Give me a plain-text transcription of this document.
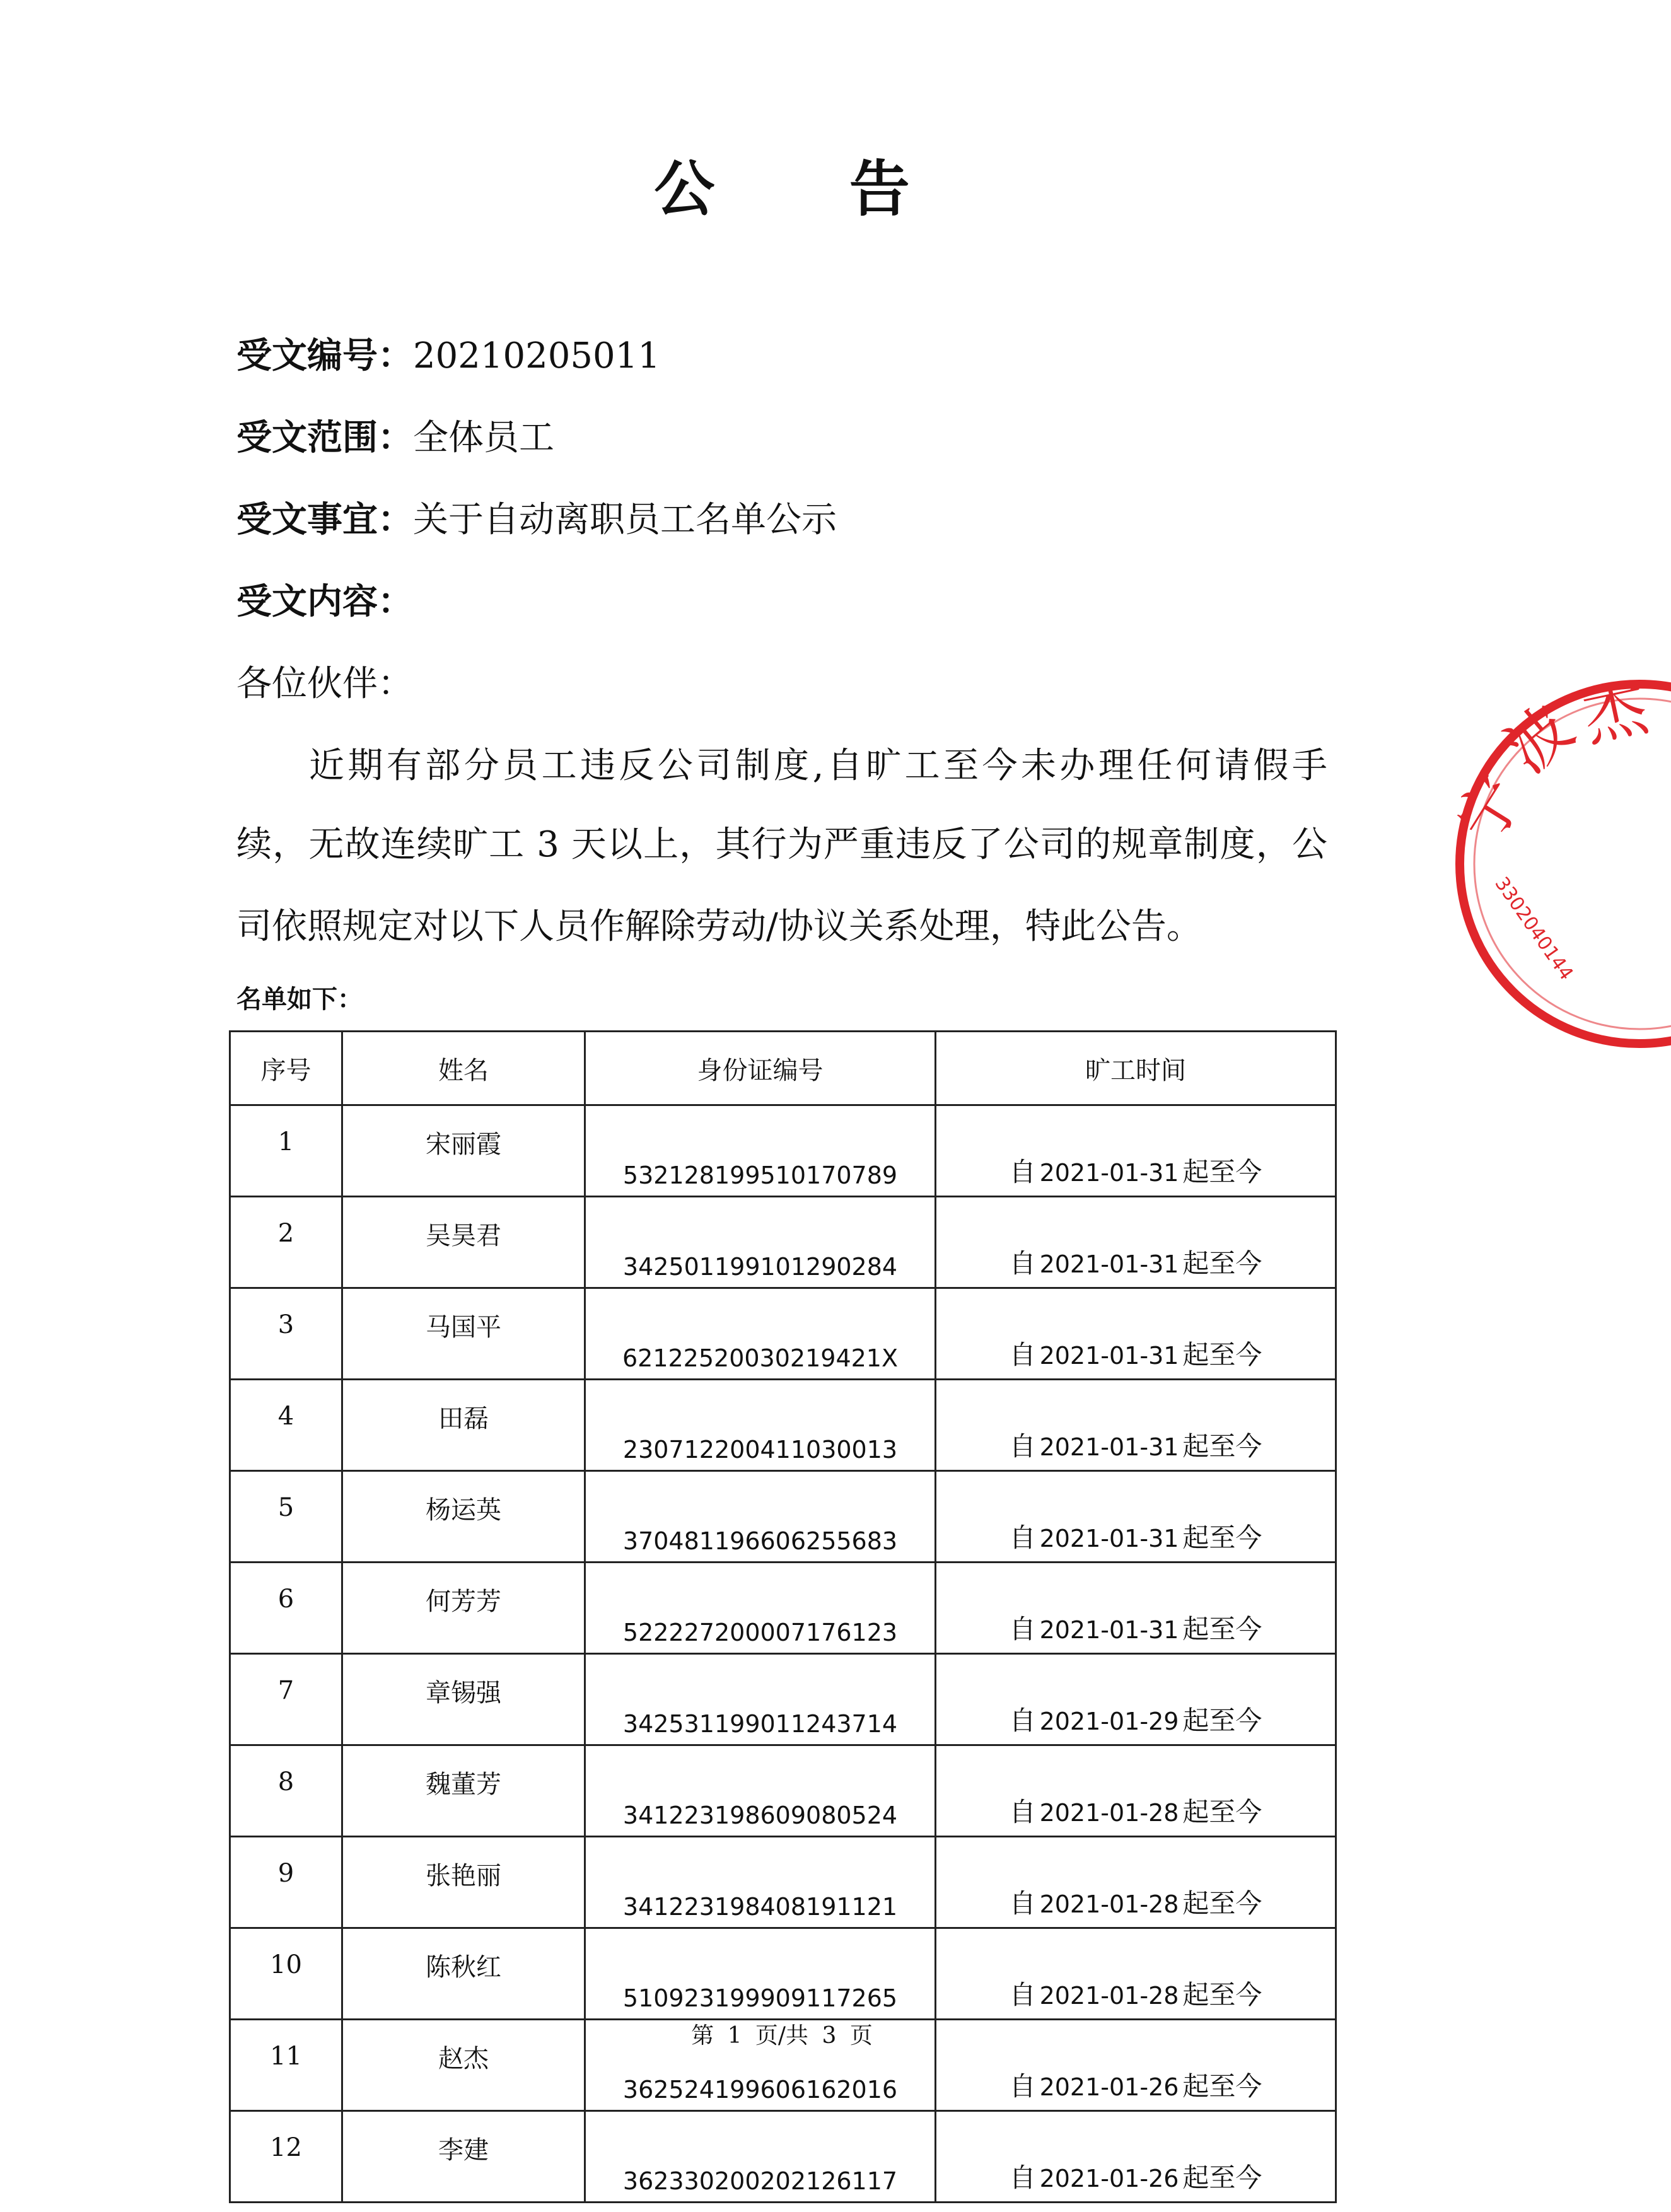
公 告
受文编号：20210205011
受文范围：全体员工
受文事宜：关于自动离职员工名单公示
受文内容：
各位伙伴：
近期有部分员工违反公司制度,自旷工至今未办理任何请假手
续，无故连续旷工 3 天以上，其行为严重违反了公司的规章制度，公
司依照规定对以下人员作解除劳动/协议关系处理，特此公告。
名单如下：
序号	姓名	身份证编号	旷工时间
1	宋丽霞	532128199510170789	自 2021-01-31 起至今
2	吴昊君	342501199101290284	自 2021-01-31 起至今
3	马国平	62122520030219421X	自 2021-01-31 起至今
4	田磊	230712200411030013	自 2021-01-31 起至今
5	杨运英	370481196606255683	自 2021-01-31 起至今
6	何芳芳	522227200007176123	自 2021-01-31 起至今
7	章锡强	342531199011243714	自 2021-01-29 起至今
8	魏董芳	341223198609080524	自 2021-01-28 起至今
9	张艳丽	341223198408191121	自 2021-01-28 起至今
10	陈秋红	510923199909117265	自 2021-01-28 起至今
11	赵杰	362524199606162016	自 2021-01-26 起至今
12	李建	362330200202126117	自 2021-01-26 起至今
第 1 页/共 3 页
宁
波
杰
3302040144
